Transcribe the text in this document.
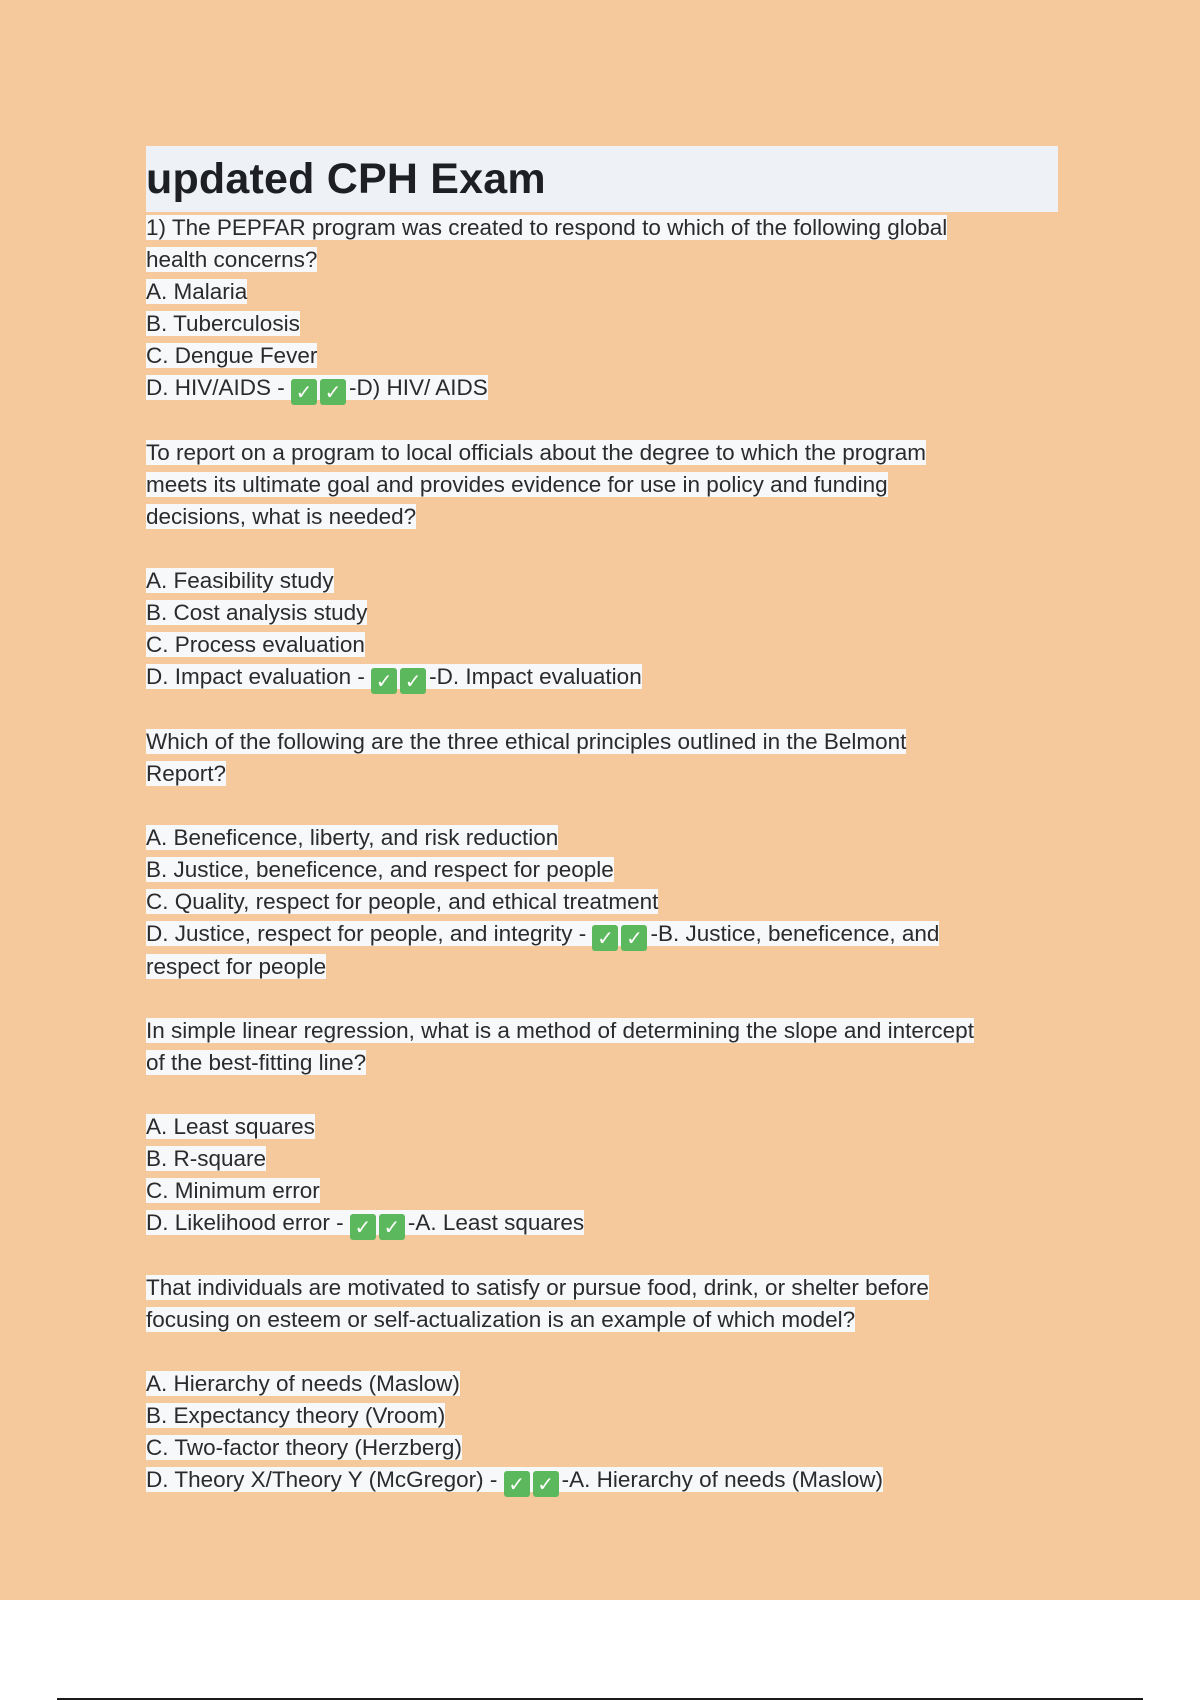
updated CPH Exam
1) The PEPFAR program was created to respond to which of the following global
health concerns?
A. Malaria
B. Tuberculosis
C. Dengue Fever
D. HIV/AIDS - ✓ ✓ -D) HIV/ AIDS
To report on a program to local officials about the degree to which the program
meets its ultimate goal and provides evidence for use in policy and funding
decisions, what is needed?
A. Feasibility study
B. Cost analysis study
C. Process evaluation
D. Impact evaluation - ✓ ✓ -D. Impact evaluation
Which of the following are the three ethical principles outlined in the Belmont
Report?
A. Beneficence, liberty, and risk reduction
B. Justice, beneficence, and respect for people
C. Quality, respect for people, and ethical treatment
D. Justice, respect for people, and integrity - ✓ ✓ -B. Justice, beneficence, and
respect for people
In simple linear regression, what is a method of determining the slope and intercept
of the best-fitting line?
A. Least squares
B. R-square
C. Minimum error
D. Likelihood error - ✓ ✓ -A. Least squares
That individuals are motivated to satisfy or pursue food, drink, or shelter before
focusing on esteem or self-actualization is an example of which model?
A. Hierarchy of needs (Maslow)
B. Expectancy theory (Vroom)
C. Two-factor theory (Herzberg)
D. Theory X/Theory Y (McGregor) - ✓ ✓ -A. Hierarchy of needs (Maslow)
